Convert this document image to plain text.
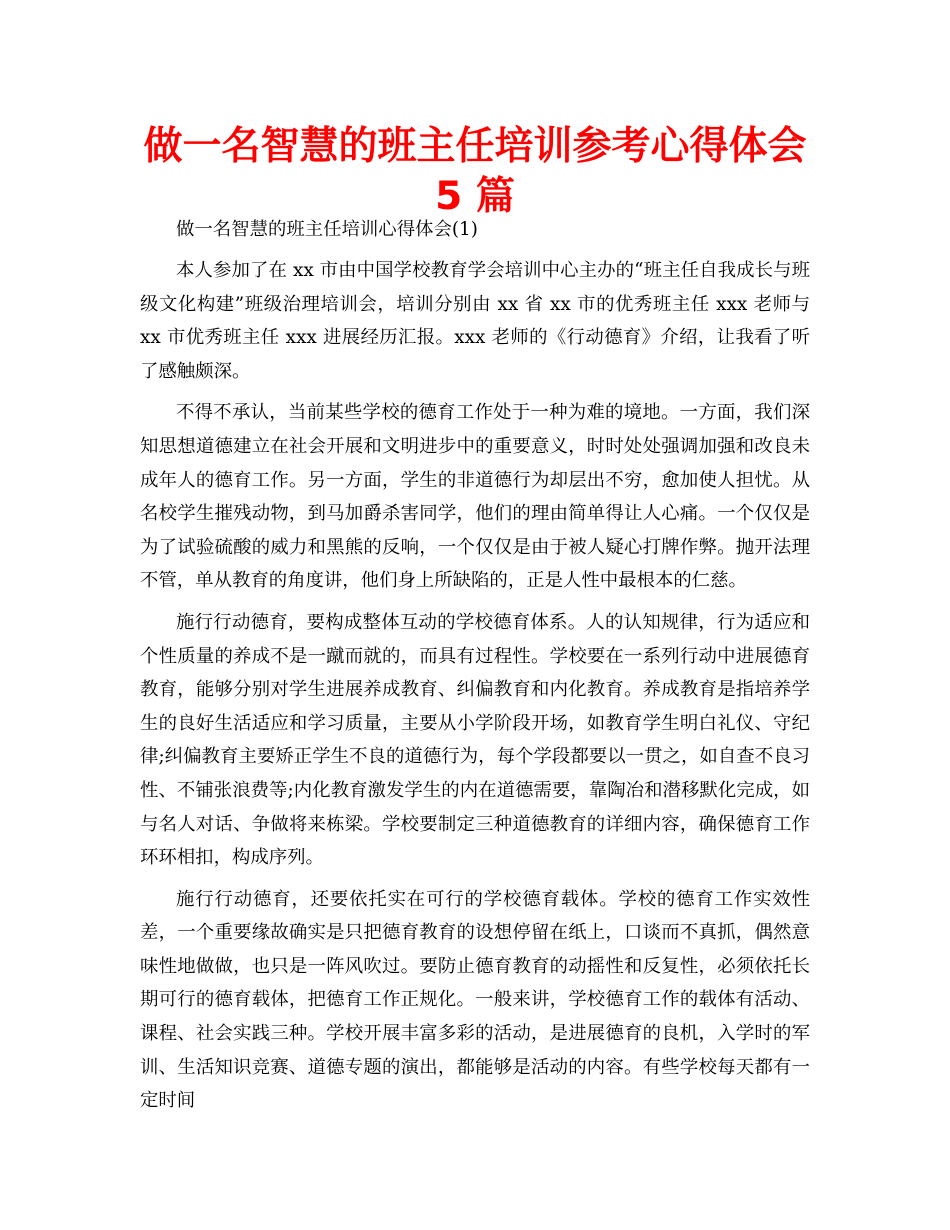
做一名智慧的班主任培训参考心得体会 5 篇

做一名智慧的班主任培训心得体会(1)

本人参加了在 xx 市由中国学校教育学会培训中心主办的“班主任自我成长与班级文化构建”班级治理培训会，培训分别由 xx 省 xx 市的优秀班主任 xxx 老师与 xx 市优秀班主任 xxx 进展经历汇报。xxx 老师的《行动德育》介绍，让我看了听了感触颇深。

不得不承认，当前某些学校的德育工作处于一种为难的境地。一方面，我们深知思想道德建立在社会开展和文明进步中的重要意义，时时处处强调加强和改良未成年人的德育工作。另一方面，学生的非道德行为却层出不穷，愈加使人担忧。从名校学生摧残动物，到马加爵杀害同学，他们的理由简单得让人心痛。一个仅仅是为了试验硫酸的威力和黑熊的反响，一个仅仅是由于被人疑心打牌作弊。抛开法理不管，单从教育的角度讲，他们身上所缺陷的，正是人性中最根本的仁慈。

施行行动德育，要构成整体互动的学校德育体系。人的认知规律，行为适应和个性质量的养成不是一蹴而就的，而具有过程性。学校要在一系列行动中进展德育教育，能够分别对学生进展养成教育、纠偏教育和内化教育。养成教育是指培养学生的良好生活适应和学习质量，主要从小学阶段开场，如教育学生明白礼仪、守纪律;纠偏教育主要矫正学生不良的道德行为，每个学段都要以一贯之，如自查不良习性、不铺张浪费等;内化教育激发学生的内在道德需要，靠陶冶和潜移默化完成，如与名人对话、争做将来栋梁。学校要制定三种道德教育的详细内容，确保德育工作环环相扣，构成序列。

施行行动德育，还要依托实在可行的学校德育载体。学校的德育工作实效性差，一个重要缘故确实是只把德育教育的设想停留在纸上，口谈而不真抓，偶然意味性地做做，也只是一阵风吹过。要防止德育教育的动摇性和反复性，必须依托长期可行的德育载体，把德育工作正规化。一般来讲，学校德育工作的载体有活动、课程、社会实践三种。学校开展丰富多彩的活动，是进展德育的良机，入学时的军训、生活知识竞赛、道德专题的演出，都能够是活动的内容。有些学校每天都有一定时间
